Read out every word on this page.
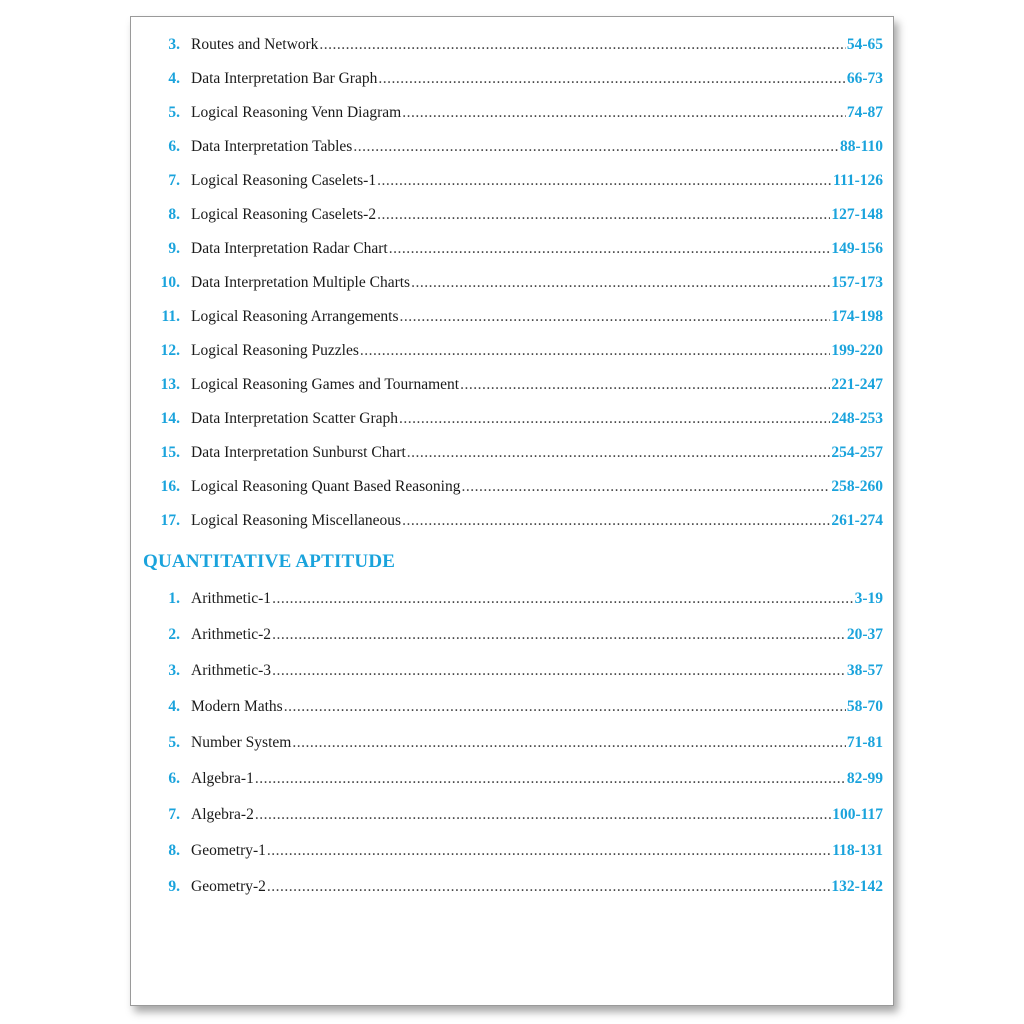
3. Routes and Network .....	54-65
4. Data Interpretation Bar Graph .....	66-73
5. Logical Reasoning Venn Diagram .....	74-87
6. Data Interpretation Tables .....	88-110
7. Logical Reasoning Caselets-1 .....	111-126
8. Logical Reasoning Caselets-2 .....	127-148
9. Data Interpretation Radar Chart .....	149-156
10. Data Interpretation Multiple Charts .....	157-173
11. Logical Reasoning Arrangements .....	174-198
12. Logical Reasoning Puzzles .....	199-220
13. Logical Reasoning Games and Tournament .....	221-247
14. Data Interpretation Scatter Graph .....	248-253
15. Data Interpretation Sunburst Chart .....	254-257
16. Logical Reasoning Quant Based Reasoning .....	258-260
17. Logical Reasoning Miscellaneous .....	261-274
QUANTITATIVE APTITUDE
1. Arithmetic-1 .....	3-19
2. Arithmetic-2 .....	20-37
3. Arithmetic-3 .....	38-57
4. Modern Maths .....	58-70
5. Number System .....	71-81
6. Algebra-1 .....	82-99
7. Algebra-2 .....	100-117
8. Geometry-1 .....	118-131
9. Geometry-2 .....	132-142
